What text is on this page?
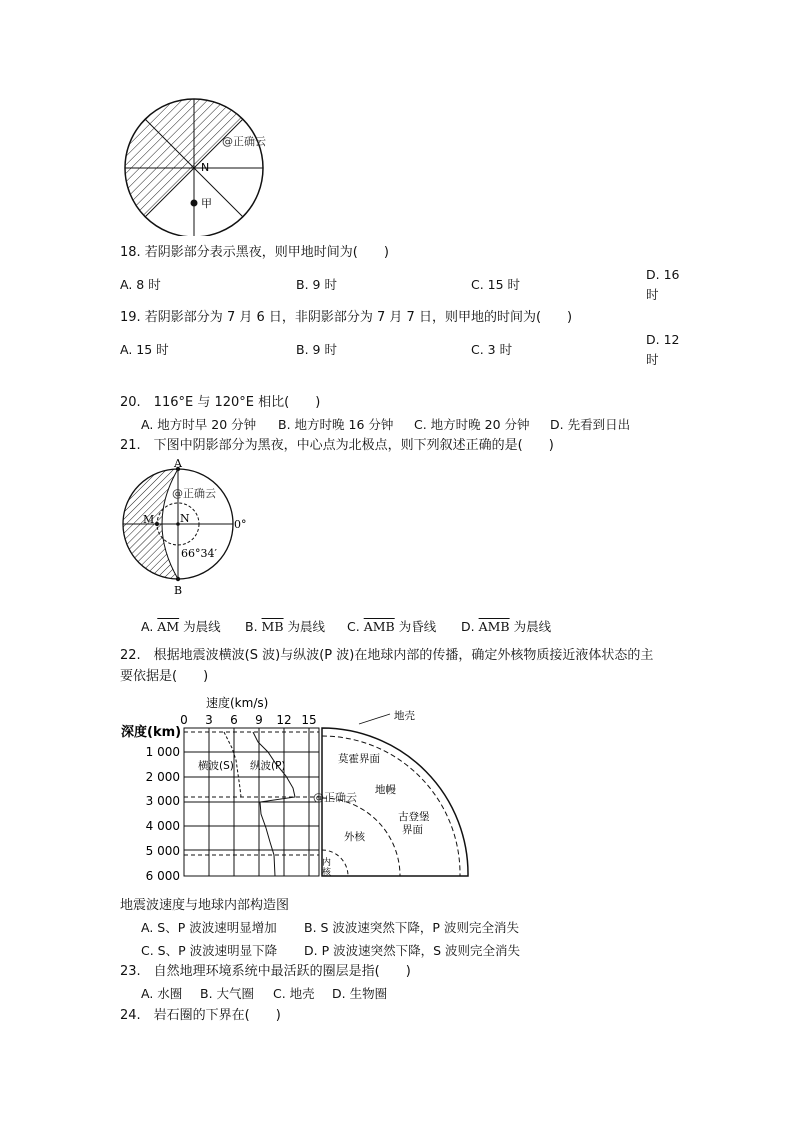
N
甲
@正确云
18. 若阴影部分表示黑夜，则甲地时间为(　　)
A. 8 时	B. 9 时	C. 15 时
D. 16
时
19. 若阴影部分为 7 月 6 日，非阴影部分为 7 月 7 日，则甲地的时间为(　　)
A. 15 时	B. 9 时	C. 3 时
D. 12
时
20.　116°E 与 120°E 相比(　　)
A. 地方时早 20 分钟 B. 地方时晚 16 分钟 C. 地方时晚 20 分钟 D. 先看到日出
21.　下图中阴影部分为黑夜，中心点为北极点，则下列叙述正确的是(　　)
A
B
M N	0°
66°34′
@正确云
A. $\overline{AM}$ 为晨线 B. $\overline{MB}$ 为晨线 C. $\overline{AMB}$ 为昏线 D. $\overline{AMB}$ 为晨线
22.　根据地震波横波(S 波)与纵波(P 波)在地球内部的传播，确定外核物质接近液体状态的主
要依据是(　　)
速度(km/s)
深度(km)
0 3 6 9 12 15
1 000
2 000
3 000
4 000
5 000
6 000
横波(S) 纵波(P)
@正确云
地壳
莫霍界面
地幔
古登堡
界面
外核
内
核
地震波速度与地球内部构造图
A. S、P 波波速明显增加 B. S 波波速突然下降，P 波则完全消失
C. S、P 波波速明显下降 D. P 波波速突然下降，S 波则完全消失
23.　自然地理环境系统中最活跃的圈层是指(　　)
A. 水圈 B. 大气圈 C. 地壳 D. 生物圈
24.　岩石圈的下界在(　　)
